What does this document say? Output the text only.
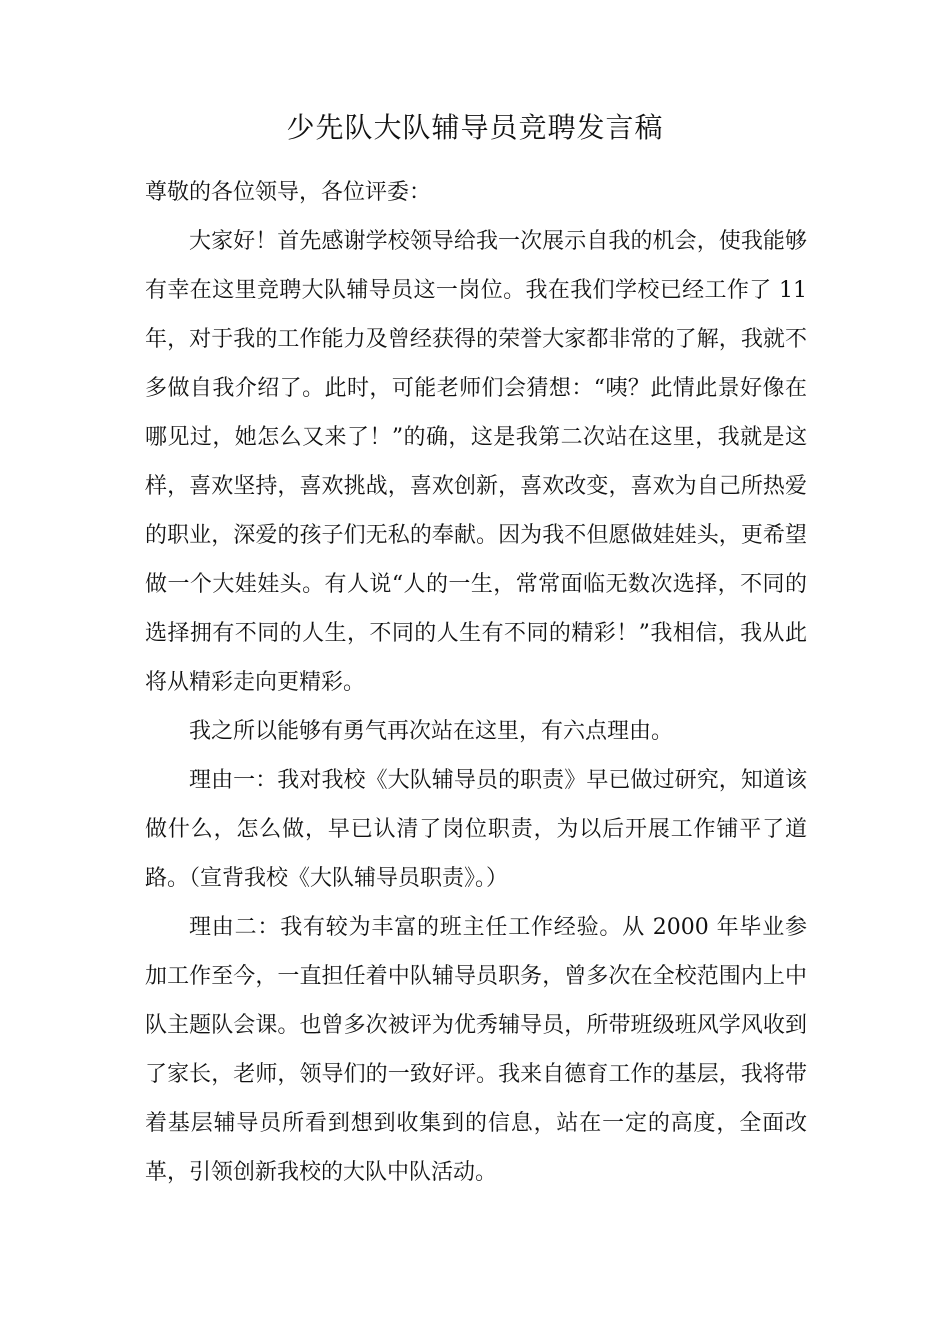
少先队大队辅导员竞聘发言稿

尊敬的各位领导，各位评委：

大家好！首先感谢学校领导给我一次展示自我的机会，使我能够有幸在这里竞聘大队辅导员这一岗位。我在我们学校已经工作了 11年，对于我的工作能力及曾经获得的荣誉大家都非常的了解，我就不多做自我介绍了。此时，可能老师们会猜想：“咦？此情此景好像在哪见过，她怎么又来了！”的确，这是我第二次站在这里，我就是这样，喜欢坚持，喜欢挑战，喜欢创新，喜欢改变，喜欢为自己所热爱的职业，深爱的孩子们无私的奉献。因为我不但愿做娃娃头，更希望做一个大娃娃头。有人说“人的一生，常常面临无数次选择，不同的选择拥有不同的人生，不同的人生有不同的精彩！”我相信，我从此将从精彩走向更精彩。

我之所以能够有勇气再次站在这里，有六点理由。

理由一：我对我校《大队辅导员的职责》早已做过研究，知道该做什么，怎么做，早已认清了岗位职责，为以后开展工作铺平了道路。（宣背我校《大队辅导员职责》。）

理由二：我有较为丰富的班主任工作经验。从 2000 年毕业参加工作至今，一直担任着中队辅导员职务，曾多次在全校范围内上中队主题队会课。也曾多次被评为优秀辅导员，所带班级班风学风收到了家长，老师，领导们的一致好评。我来自德育工作的基层，我将带着基层辅导员所看到想到收集到的信息，站在一定的高度，全面改革，引领创新我校的大队中队活动。
